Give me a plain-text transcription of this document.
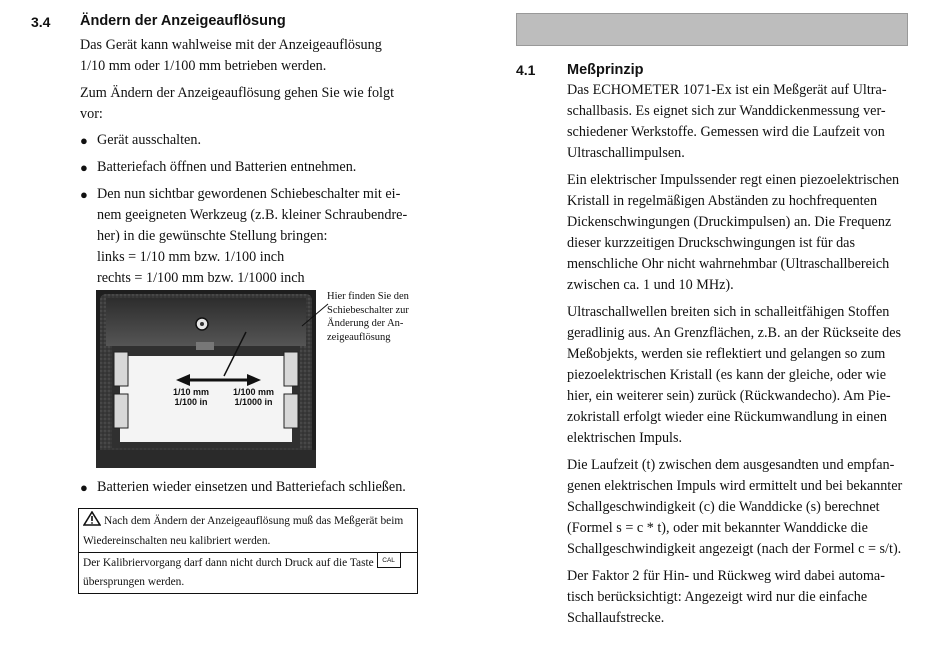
3.4 Ändern der Anzeigeauflösung
Das Gerät kann wahlweise mit der Anzeigeauflösung
1/10 mm oder 1/100 mm betrieben werden.
Zum Ändern der Anzeigeauflösung gehen Sie wie folgt
vor:
● Gerät ausschalten.
● Batteriefach öffnen und Batterien entnehmen.
● Den nun sichtbar gewordenen Schiebeschalter mit ei-
nem geeigneten Werkzeug (z.B. kleiner Schraubendre-
her) in die gewünschte Stellung bringen:
links = 1/10 mm bzw. 1/100 inch
rechts = 1/100 mm bzw. 1/1000 inch
1/10 mm
1/100 in
1/100 mm
1/1000 in
Hier finden Sie den
Schiebeschalter zur
Änderung der An-
zeigeauflösung
● Batterien wieder einsetzen und Batteriefach schließen.
Nach dem Ändern der Anzeigeauflösung muß das Meßgerät beim
Wiedereinschalten neu kalibriert werden.
Der Kalibriervorgang darf dann nicht durch Druck auf die Taste CAL
übersprungen werden.
4.1 Meßprinzip
Das ECHOMETER 1071-Ex ist ein Meßgerät auf Ultra-
schallbasis. Es eignet sich zur Wanddickenmessung ver-
schiedener Werkstoffe. Gemessen wird die Laufzeit von
Ultraschallimpulsen.
Ein elektrischer Impulssender regt einen piezoelektrischen
Kristall in regelmäßigen Abständen zu hochfrequenten
Dickenschwingungen (Druckimpulsen) an. Die Frequenz
dieser kurzzeitigen Druckschwingungen ist für das
menschliche Ohr nicht wahrnehmbar (Ultraschallbereich
zwischen ca. 1 und 10 MHz).
Ultraschallwellen breiten sich in schalleitfähigen Stoffen
geradlinig aus. An Grenzflächen, z.B. an der Rückseite des
Meßobjekts, werden sie reflektiert und gelangen so zum
piezoelektrischen Kristall (es kann der gleiche, oder wie
hier, ein weiterer sein) zurück (Rückwandecho). Am Pie-
zokristall erfolgt wieder eine Rückumwandlung in einen
elektrischen Impuls.
Die Laufzeit (t) zwischen dem ausgesandten und empfan-
genen elektrischen Impuls wird ermittelt und bei bekannter
Schallgeschwindigkeit (c) die Wanddicke (s) berechnet
(Formel s = c * t), oder mit bekannter Wanddicke die
Schallgeschwindigkeit angezeigt (nach der Formel c = s/t).
Der Faktor 2 für Hin- und Rückweg wird dabei automa-
tisch berücksichtigt: Angezeigt wird nur die einfache
Schallaufstrecke.
